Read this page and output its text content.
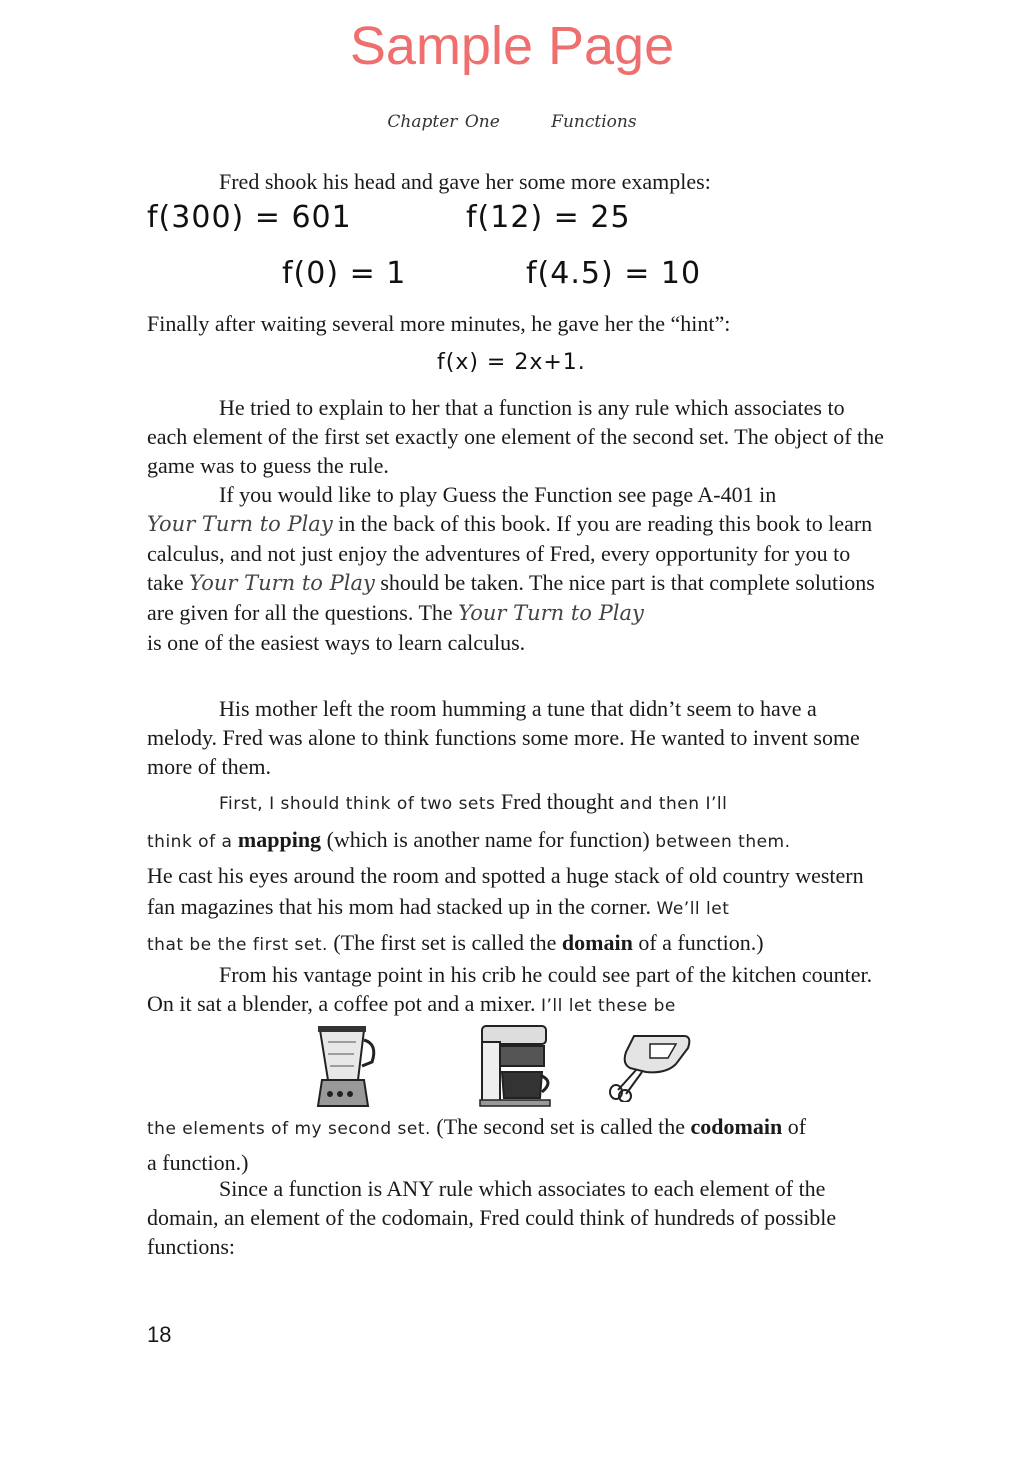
Sample Page
Chapter One	Functions
Fred shook his head and gave her some more examples:
f(300) = 601	f(12) = 25
f(0) = 1	f(4.5) = 10
Finally after waiting several more minutes, he gave her the “hint”:
f(x) = 2x+1.
He tried to explain to her that a function is any rule which associates to each element of the first set exactly one element of the second set. The object of the game was to guess the rule.
If you would like to play Guess the Function see page A-401 in
Your Turn to Play in the back of this book. If you are reading this book to learn calculus, and not just enjoy the adventures of Fred, every opportunity for you to take Your Turn to Play should be taken. The nice part is that complete solutions are given for all the questions. The Your Turn to Play
is one of the easiest ways to learn calculus.
His mother left the room humming a tune that didn’t seem to have a melody. Fred was alone to think functions some more. He wanted to invent some more of them.
First, I should think of two sets Fred thought and then I’ll
think of a mapping (which is another name for function) between them.
He cast his eyes around the room and spotted a huge stack of old country western fan magazines that his mom had stacked up in the corner. We’ll let
that be the first set. (The first set is called the domain of a function.)
From his vantage point in his crib he could see part of the kitchen counter. On it sat a blender, a coffee pot and a mixer. I’ll let these be
the elements of my second set. (The second set is called the codomain of
a function.)
Since a function is ANY rule which associates to each element of the domain, an element of the codomain, Fred could think of hundreds of possible functions:
18
